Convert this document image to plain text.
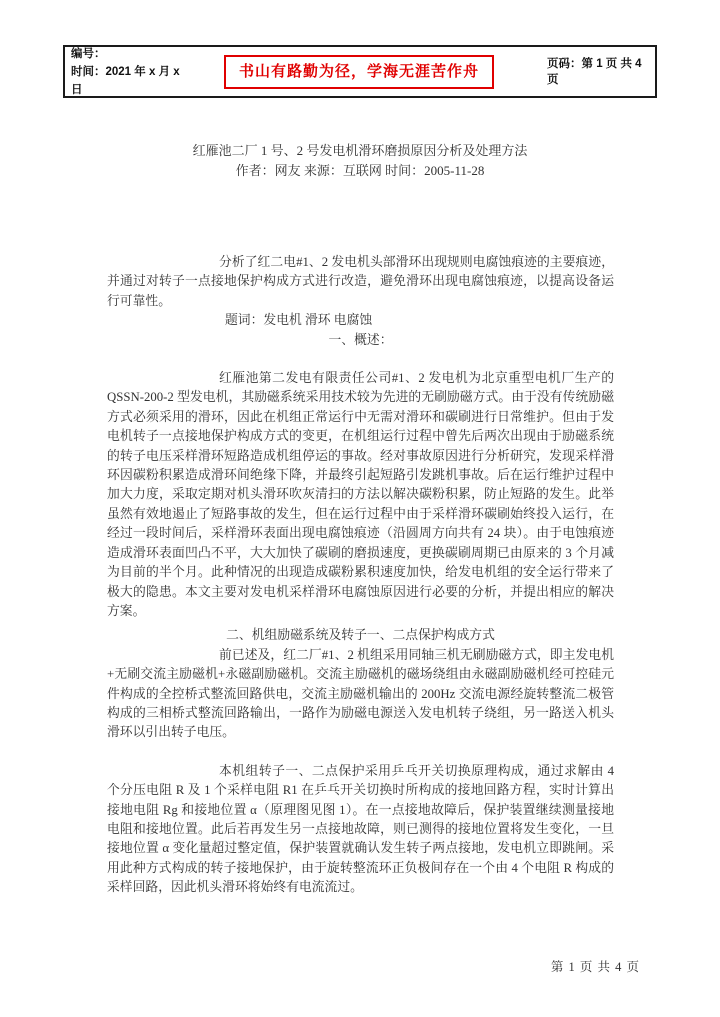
编号：
时间：2021 年 x 月 x 日
书山有路勤为径，学海无涯苦作舟	页码：第 1 页 共 4 页
红雁池二厂 1 号、2 号发电机滑环磨损原因分析及处理方法
作者：网友 来源：互联网 时间：2005-11-28

分析了红二电#1、2 发电机头部滑环出现规则电腐蚀痕迹的主要痕迹，并通过对转子一点接地保护构成方式进行改造，避免滑环出现电腐蚀痕迹，以提高设备运行可靠性。

题词：发电机 滑环 电腐蚀
一、概述：

红雁池第二发电有限责任公司#1、2 发电机为北京重型电机厂生产的 QSSN-200-2 型发电机，其励磁系统采用技术较为先进的无刷励磁方式。由于没有传统励磁方式必须采用的滑环，因此在机组正常运行中无需对滑环和碳刷进行日常维护。但由于发电机转子一点接地保护构成方式的变更，在机组运行过程中曾先后两次出现由于励磁系统的转子电压采样滑环短路造成机组停运的事故。经对事故原因进行分析研究，发现采样滑环因碳粉积累造成滑环间绝缘下降，并最终引起短路引发跳机事故。后在运行维护过程中加大力度，采取定期对机头滑环吹灰清扫的方法以解决碳粉积累，防止短路的发生。此举虽然有效地遏止了短路事故的发生，但在运行过程中由于采样滑环碳刷始终投入运行，在经过一段时间后，采样滑环表面出现电腐蚀痕迹（沿圆周方向共有 24 块）。由于电蚀痕迹造成滑环表面凹凸不平，大大加快了碳刷的磨损速度，更换碳刷周期已由原来的 3 个月减为目前的半个月。此种情况的出现造成碳粉累积速度加快，给发电机组的安全运行带来了极大的隐患。本文主要对发电机采样滑环电腐蚀原因进行必要的分析，并提出相应的解决方案。

二、机组励磁系统及转子一、二点保护构成方式

前已述及，红二厂#1、2 机组采用同轴三机无刷励磁方式，即主发电机+无刷交流主励磁机+永磁副励磁机。交流主励磁机的磁场绕组由永磁副励磁机经可控硅元件构成的全控桥式整流回路供电，交流主励磁机输出的 200Hz 交流电源经旋转整流二极管构成的三相桥式整流回路输出，一路作为励磁电源送入发电机转子绕组，另一路送入机头滑环以引出转子电压。

本机组转子一、二点保护采用乒乓开关切换原理构成，通过求解由 4 个分压电阻 R 及 1 个采样电阻 R1 在乒乓开关切换时所构成的接地回路方程，实时计算出接地电阻 Rg 和接地位置 α（原理图见图 1）。在一点接地故障后，保护装置继续测量接地电阻和接地位置。此后若再发生另一点接地故障，则已测得的接地位置将发生变化，一旦接地位置 α 变化量超过整定值，保护装置就确认发生转子两点接地，发电机立即跳闸。采用此种方式构成的转子接地保护，由于旋转整流环正负极间存在一个由 4 个电阻 R 构成的采样回路，因此机头滑环将始终有电流流过。

第 1 页 共 4 页
